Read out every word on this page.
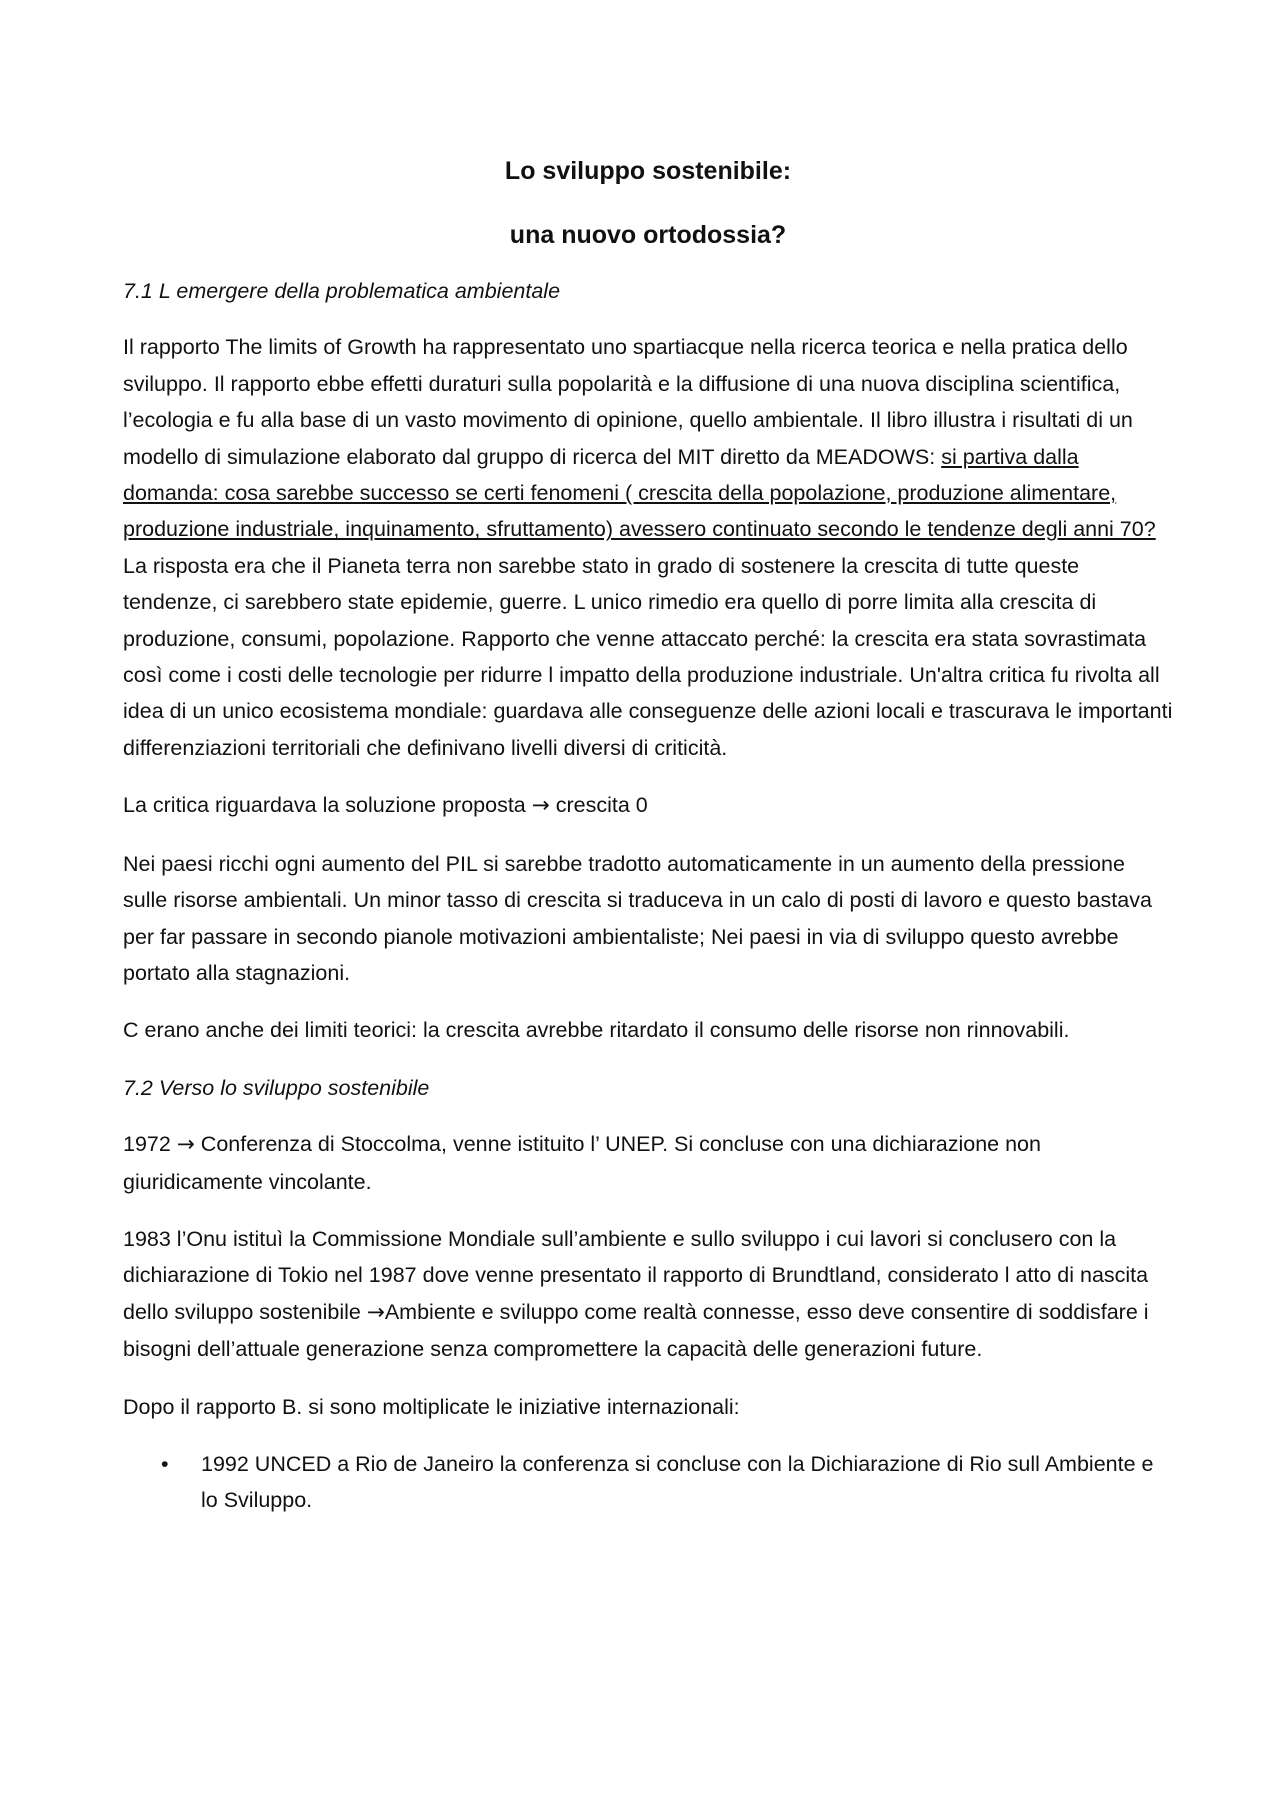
Lo sviluppo sostenibile:
una nuovo ortodossia?

7.1 L emergere della problematica ambientale

Il rapporto The limits of Growth ha rappresentato uno spartiacque nella ricerca teorica e nella pratica dello sviluppo. Il rapporto ebbe effetti duraturi sulla popolarità e la diffusione di una nuova disciplina scientifica, l’ecologia e fu alla base di un vasto movimento di opinione, quello ambientale. Il libro illustra i risultati di un modello di simulazione elaborato dal gruppo di ricerca del MIT diretto da MEADOWS: si partiva dalla domanda: cosa sarebbe successo se certi fenomeni ( crescita della popolazione, produzione alimentare, produzione industriale, inquinamento, sfruttamento) avessero continuato secondo le tendenze degli anni 70? La risposta era che il Pianeta terra non sarebbe stato in grado di sostenere la crescita di tutte queste tendenze, ci sarebbero state epidemie, guerre. L unico rimedio era quello di porre limita alla crescita di produzione, consumi, popolazione. Rapporto che venne attaccato perché: la crescita era stata sovrastimata così come i costi delle tecnologie per ridurre l impatto della produzione industriale. Un'altra critica fu rivolta all idea di un unico ecosistema mondiale: guardava alle conseguenze delle azioni locali e trascurava le importanti differenziazioni territoriali che definivano livelli diversi di criticità.

La critica riguardava la soluzione proposta → crescita 0

Nei paesi ricchi ogni aumento del PIL si sarebbe tradotto automaticamente in un aumento della pressione sulle risorse ambientali. Un minor tasso di crescita si traduceva in un calo di posti di lavoro e questo bastava per far passare in secondo pianole motivazioni ambientaliste; Nei paesi in via di sviluppo questo avrebbe portato alla stagnazioni.

C erano anche dei limiti teorici: la crescita avrebbe ritardato il consumo delle risorse non rinnovabili.

7.2 Verso lo sviluppo sostenibile

1972 → Conferenza di Stoccolma, venne istituito l’ UNEP. Si concluse con una dichiarazione non giuridicamente vincolante.

1983 l’Onu istituì la Commissione Mondiale sull’ambiente e sullo sviluppo i cui lavori si conclusero con la dichiarazione di Tokio nel 1987 dove venne presentato il rapporto di Brundtland, considerato l atto di nascita dello sviluppo sostenibile →Ambiente e sviluppo come realtà connesse, esso deve consentire di soddisfare i bisogni dell’attuale generazione senza compromettere la capacità delle generazioni future.

Dopo il rapporto B. si sono moltiplicate le iniziative internazionali:

• 1992 UNCED a Rio de Janeiro la conferenza si concluse con la Dichiarazione di Rio sull Ambiente e lo Sviluppo.
